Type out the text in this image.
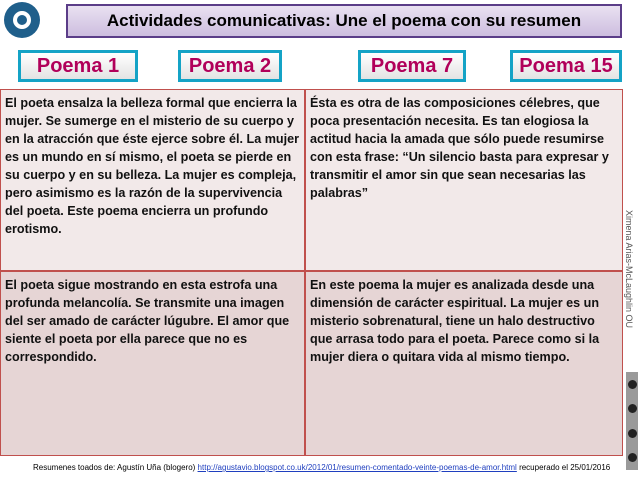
Actividades comunicativas: Une el poema con su resumen
Poema 1	Poema 2	Poema 7	Poema 15
El poeta ensalza la belleza formal que encierra la mujer. Se sumerge en el misterio de su cuerpo y en la atracción que éste ejerce sobre él. La mujer es un mundo en sí mismo, el poeta se pierde en su cuerpo y en su belleza. La mujer es compleja, pero asimismo es la razón de la supervivencia del poeta. Este poema encierra un profundo erotismo.
Ésta es otra de las composiciones célebres, que poca presentación necesita. Es tan elogiosa la actitud hacia la amada que sólo puede resumirse con esta frase: “Un silencio basta para expresar y transmitir el amor sin que sean necesarias las palabras”
El poeta sigue mostrando en esta estrofa una profunda melancolía. Se transmite una imagen del ser amado de carácter lúgubre. El amor que siente el poeta por ella parece que no es correspondido.
En este poema la mujer es analizada desde una dimensión de carácter espiritual. La mujer es un misterio sobrenatural, tiene un halo destructivo que arrasa todo para el poeta. Parece como si la mujer diera o quitara vida al mismo tiempo.
Ximena Arias-McLaughlin OU
Resumenes toados de: Agustín Uña (blogero) http://agustavio.blogspot.co.uk/2012/01/resumen-comentado-veinte-poemas-de-amor.html recuperado el 25/01/2016
